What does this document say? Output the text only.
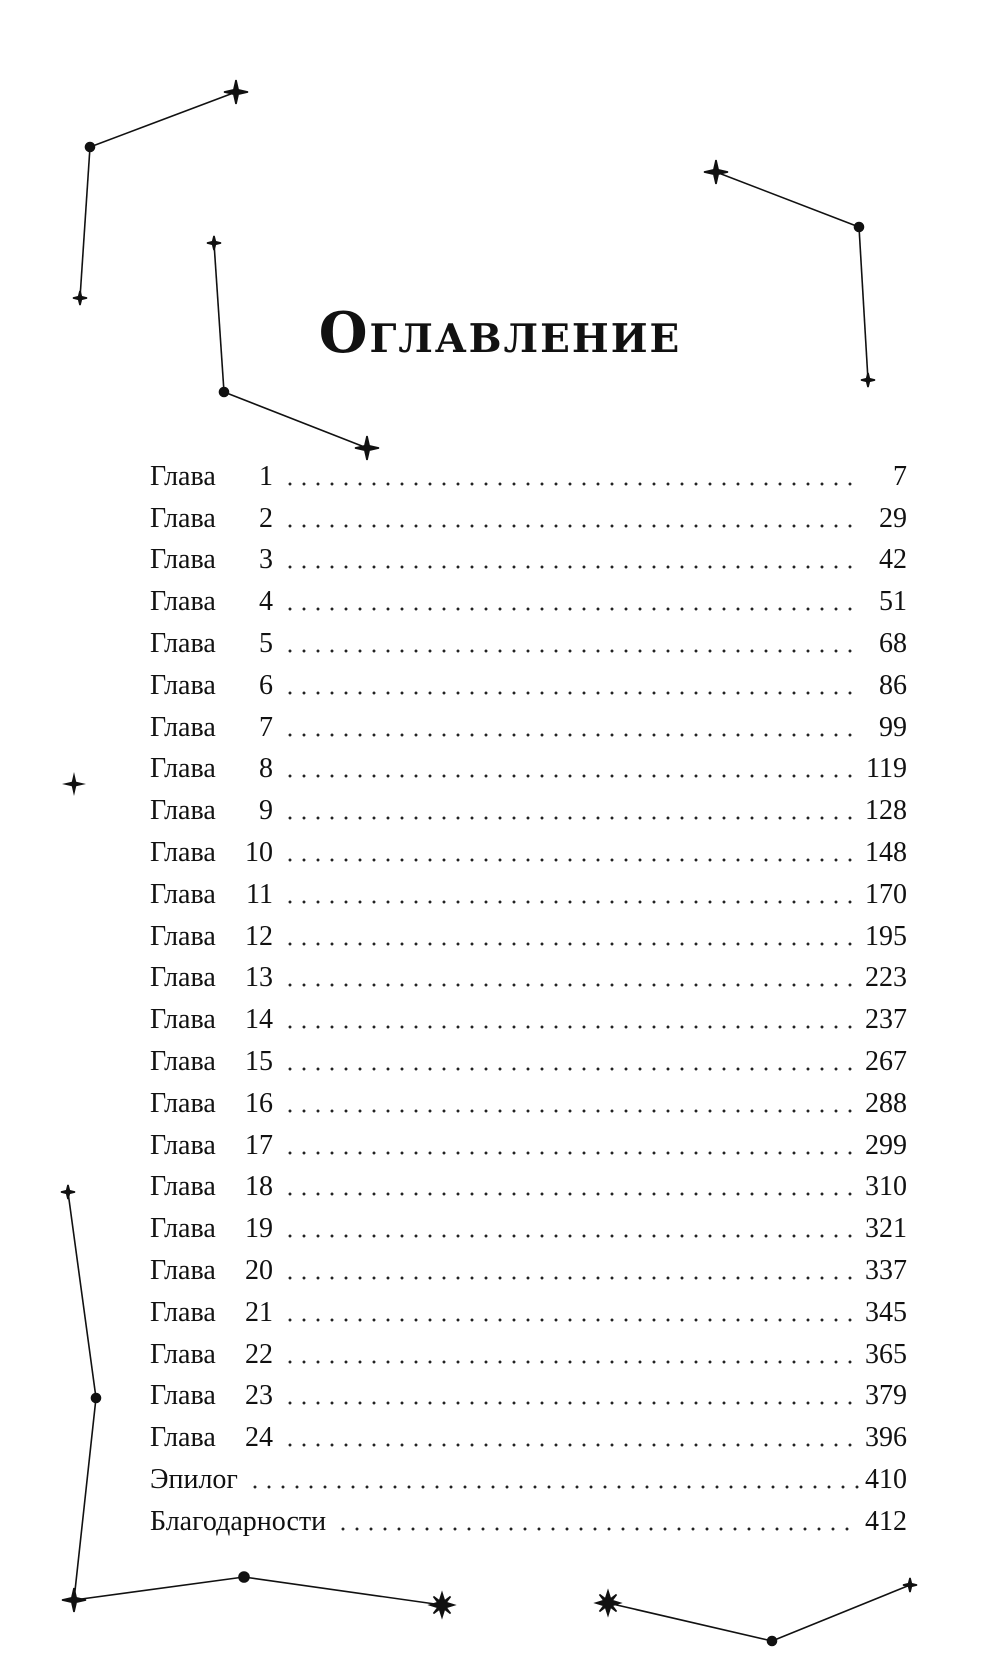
Оглавление
Глава 1	7
Глава 2	29
Глава 3	42
Глава 4	51
Глава 5	68
Глава 6	86
Глава 7	99
Глава 8	119
Глава 9	128
Глава 10	148
Глава 11	170
Глава 12	195
Глава 13	223
Глава 14	237
Глава 15	267
Глава 16	288
Глава 17	299
Глава 18	310
Глава 19	321
Глава 20	337
Глава 21	345
Глава 22	365
Глава 23	379
Глава 24	396
Эпилог	410
Благодарности	412
